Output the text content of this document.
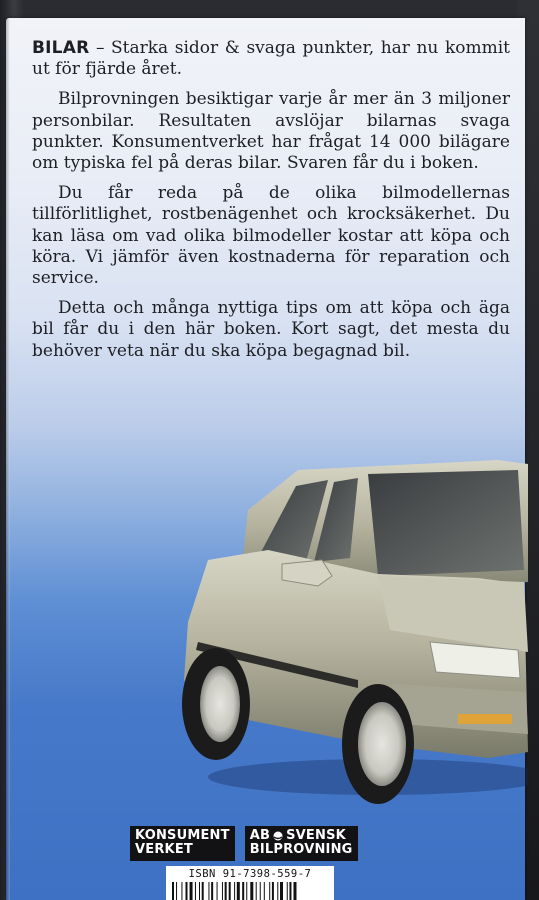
BILAR – Starka sidor & svaga punkter, har nu kommit ut för fjärde året.

Bilprovningen besiktigar varje år mer än 3 miljoner personbilar. Resultaten avslöjar bilarnas svaga punkter. Konsumentverket har frågat 14 000 bilägare om typiska fel på deras bilar. Svaren får du i boken.

Du får reda på de olika bilmodellernas tillförlitlighet, rostbenägenhet och krocksäkerhet. Du kan läsa om vad olika bilmodeller kostar att köpa och köra. Vi jämför även kostnaderna för reparation och service.

Detta och många nyttiga tips om att köpa och äga bil får du i den här boken. Kort sagt, det mesta du behöver veta när du ska köpa begagnad bil.

KONSUMENT
VERKET
AB SVENSK
BILPROVNING
ISBN 91-7398-559-7
